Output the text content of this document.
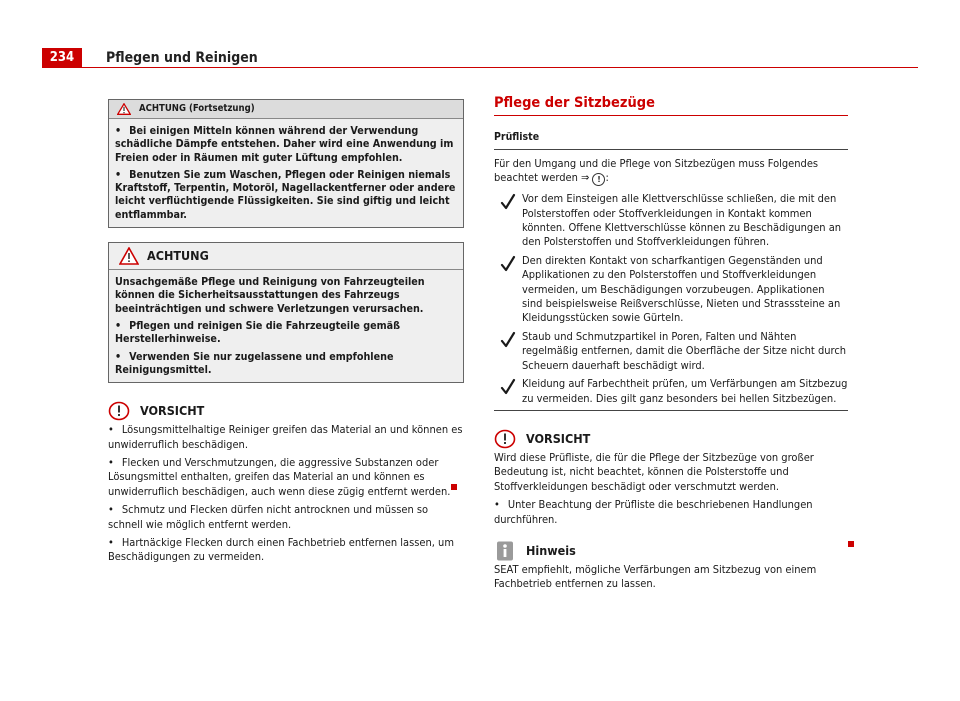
234	Pflegen und Reinigen
ACHTUNG (Fortsetzung)

• Bei einigen Mitteln können während der Verwendung schädliche Dämpfe entstehen. Daher wird eine Anwendung im Freien oder in Räumen mit guter Lüftung empfohlen.

• Benutzen Sie zum Waschen, Pflegen oder Reinigen niemals Kraftstoff, Terpentin, Motoröl, Nagellackentferner oder andere leicht verflüchtigende Flüssigkeiten. Sie sind giftig und leicht entflammbar.

ACHTUNG

Unsachgemäße Pflege und Reinigung von Fahrzeugteilen können die Sicherheitsausstattungen des Fahrzeugs beeinträchtigen und schwere Verletzungen verursachen.

• Pflegen und reinigen Sie die Fahrzeugteile gemäß Herstellerhinweise.

• Verwenden Sie nur zugelassene und empfohlene Reinigungsmittel.

VORSICHT

• Lösungsmittelhaltige Reiniger greifen das Material an und können es unwiderruflich beschädigen.

• Flecken und Verschmutzungen, die aggressive Substanzen oder Lösungsmittel enthalten, greifen das Material an und können es unwiderruflich beschädigen, auch wenn diese zügig entfernt werden.

• Schmutz und Flecken dürfen nicht antrocknen und müssen so schnell wie möglich entfernt werden.

• Hartnäckige Flecken durch einen Fachbetrieb entfernen lassen, um Beschädigungen zu vermeiden.

Pflege der Sitzbezüge
Prüfliste

Für den Umgang und die Pflege von Sitzbezügen muss Folgendes beachtet werden ⇒ ! :

Vor dem Einsteigen alle Klettverschlüsse schließen, die mit den Polsterstoffen oder Stoffverkleidungen in Kontakt kommen könnten. Offene Klettverschlüsse können zu Beschädigungen an den Polsterstoffen und Stoffverkleidungen führen.
Den direkten Kontakt von scharfkantigen Gegenständen und Applikationen zu den Polsterstoffen und Stoffverkleidungen vermeiden, um Beschädigungen vorzubeugen. Applikationen sind beispielsweise Reißverschlüsse, Nieten und Strasssteine an Kleidungsstücken sowie Gürteln.
Staub und Schmutzpartikel in Poren, Falten und Nähten regelmäßig entfernen, damit die Oberfläche der Sitze nicht durch Scheuern dauerhaft beschädigt wird.
Kleidung auf Farbechtheit prüfen, um Verfärbungen am Sitzbezug zu vermeiden. Dies gilt ganz besonders bei hellen Sitzbezügen.
VORSICHT

Wird diese Prüfliste, die für die Pflege der Sitzbezüge von großer Bedeutung ist, nicht beachtet, können die Polsterstoffe und Stoffverkleidungen beschädigt oder verschmutzt werden.

• Unter Beachtung der Prüfliste die beschriebenen Handlungen durchführen.

Hinweis

SEAT empfiehlt, mögliche Verfärbungen am Sitzbezug von einem Fachbetrieb entfernen zu lassen.
